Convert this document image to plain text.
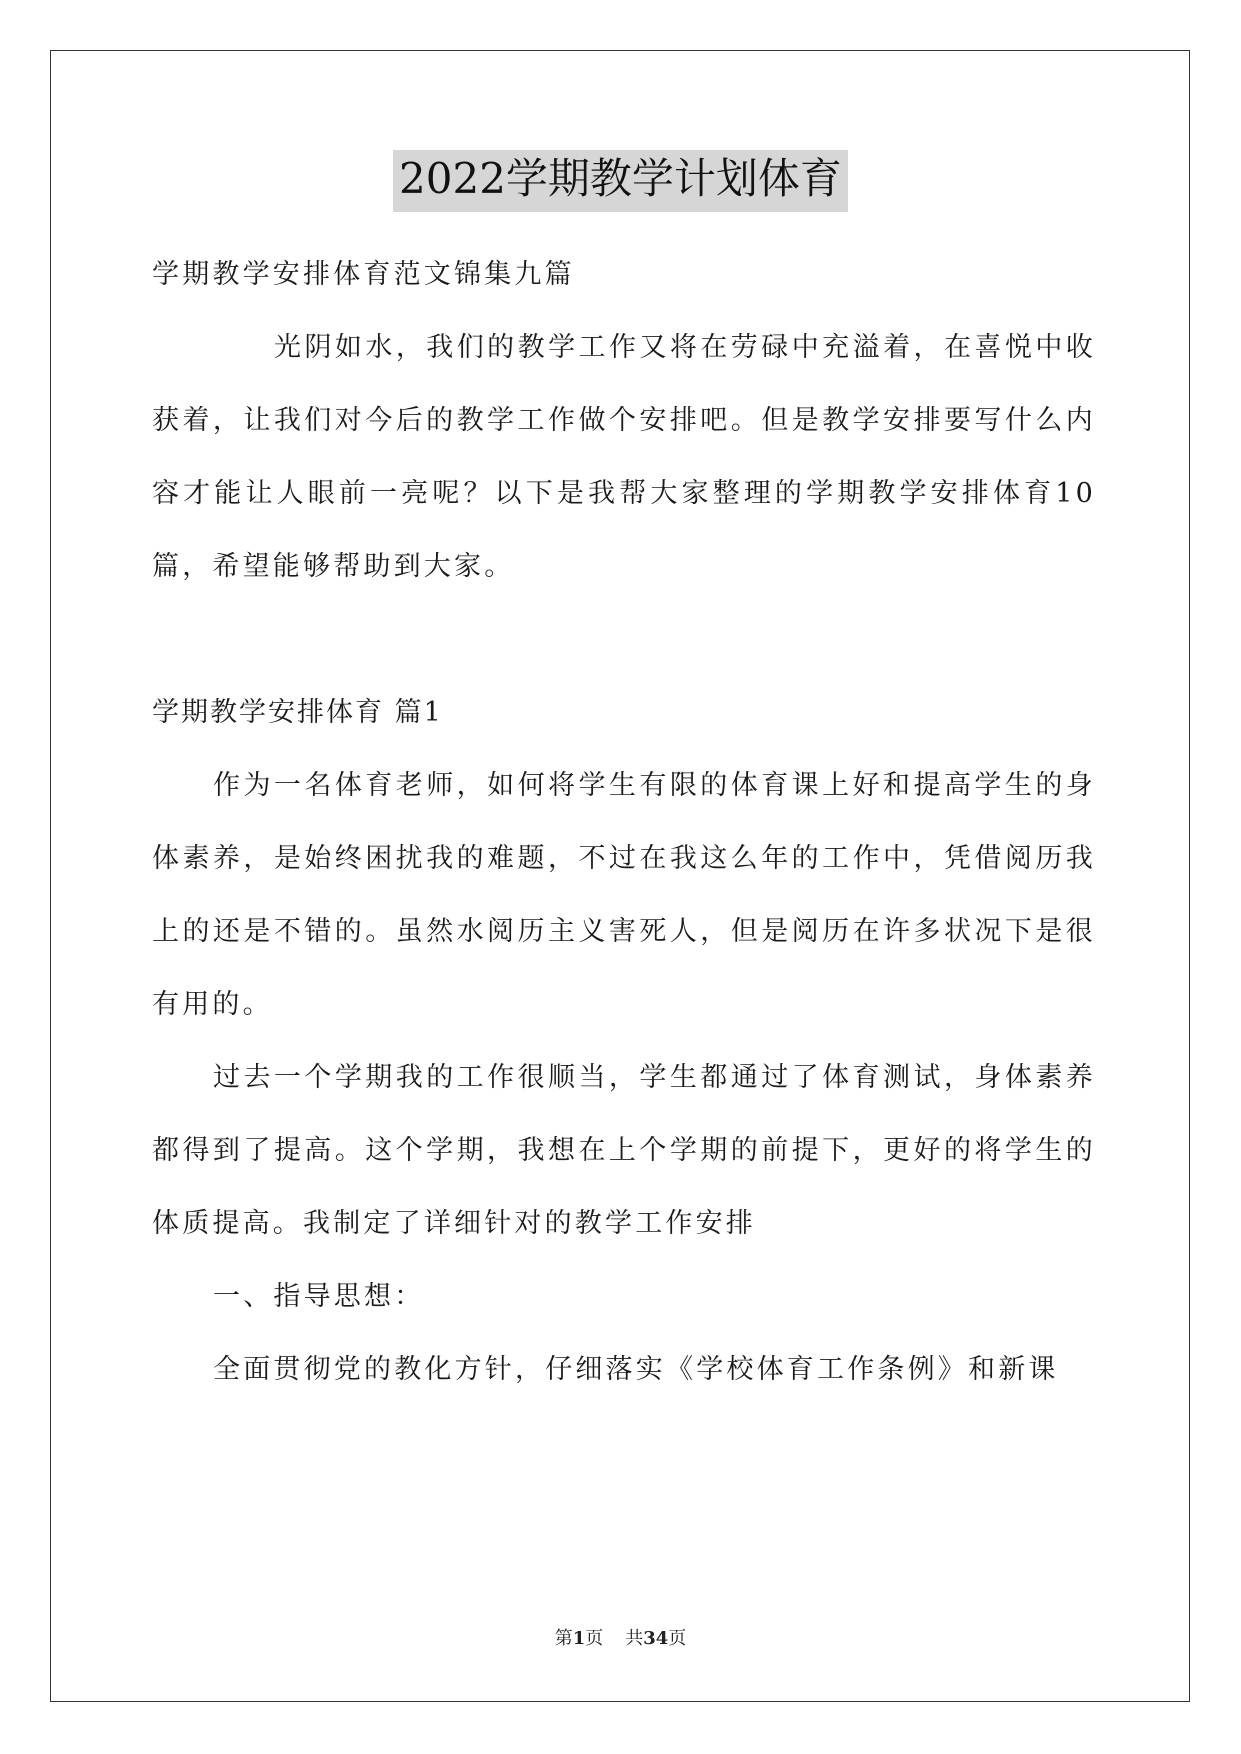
2022学期教学计划体育

学期教学安排体育范文锦集九篇

光阴如水，我们的教学工作又将在劳碌中充溢着，在喜悦中收获着，让我们对今后的教学工作做个安排吧。但是教学安排要写什么内容才能让人眼前一亮呢？以下是我帮大家整理的学期教学安排体育10篇，希望能够帮助到大家。

学期教学安排体育 篇1

作为一名体育老师，如何将学生有限的体育课上好和提高学生的身体素养，是始终困扰我的难题，不过在我这么年的工作中，凭借阅历我上的还是不错的。虽然水阅历主义害死人，但是阅历在许多状况下是很有用的。

过去一个学期我的工作很顺当，学生都通过了体育测试，身体素养都得到了提高。这个学期，我想在上个学期的前提下，更好的将学生的体质提高。我制定了详细针对的教学工作安排

一、指导思想：

全面贯彻党的教化方针，仔细落实《学校体育工作条例》和新课

第1页 共34页
